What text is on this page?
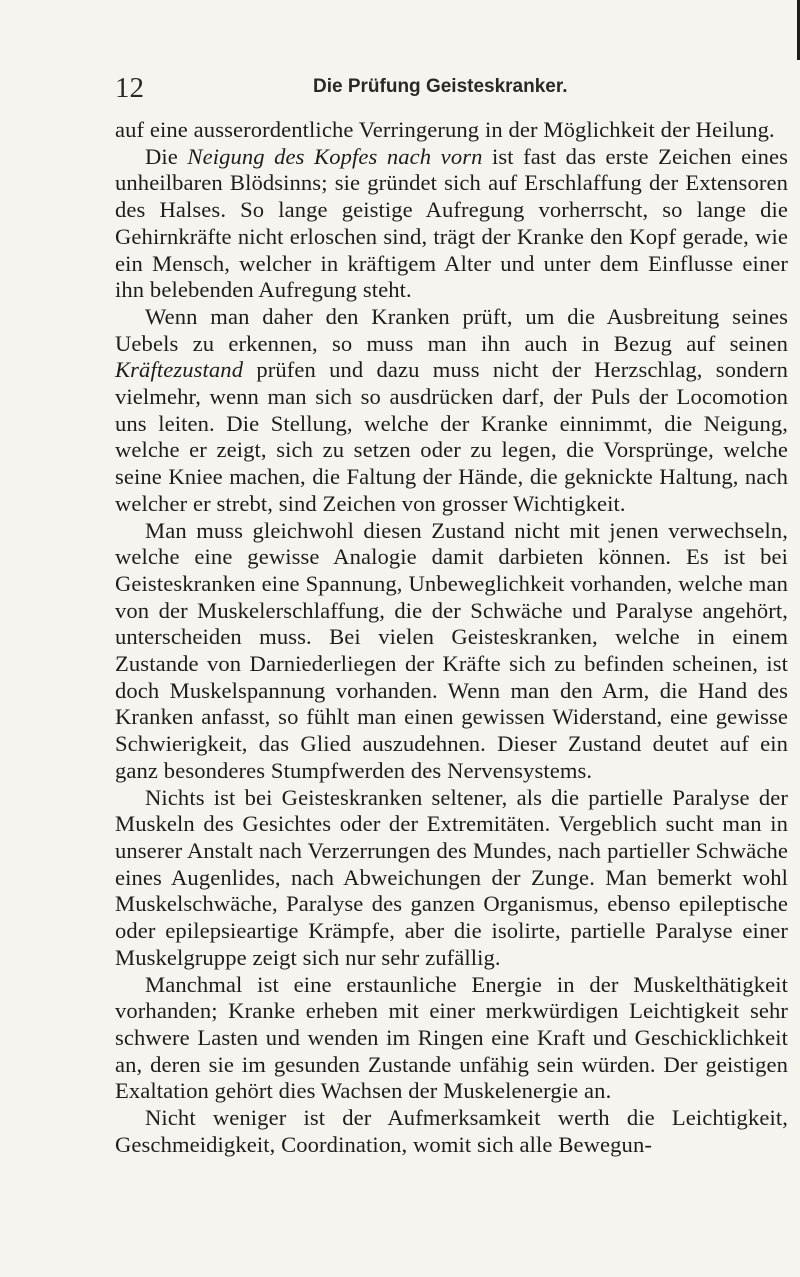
12	Die Prüfung Geisteskranker.

auf eine ausserordentliche Verringerung in der Möglichkeit der Heilung.

Die Neigung des Kopfes nach vorn ist fast das erste Zeichen eines unheilbaren Blödsinns; sie gründet sich auf Erschlaffung der Extensoren des Halses. So lange geistige Aufregung vorherrscht, so lange die Gehirnkräfte nicht erloschen sind, trägt der Kranke den Kopf gerade, wie ein Mensch, welcher in kräftigem Alter und unter dem Einflusse einer ihn belebenden Aufregung steht.

Wenn man daher den Kranken prüft, um die Ausbreitung seines Uebels zu erkennen, so muss man ihn auch in Bezug auf seinen Kräftezustand prüfen und dazu muss nicht der Herzschlag, sondern vielmehr, wenn man sich so ausdrücken darf, der Puls der Locomotion uns leiten. Die Stellung, welche der Kranke einnimmt, die Neigung, welche er zeigt, sich zu setzen oder zu legen, die Vorsprünge, welche seine Kniee machen, die Faltung der Hände, die geknickte Haltung, nach welcher er strebt, sind Zeichen von grosser Wichtigkeit.

Man muss gleichwohl diesen Zustand nicht mit jenen verwechseln, welche eine gewisse Analogie damit darbieten können. Es ist bei Geisteskranken eine Spannung, Unbeweglichkeit vorhanden, welche man von der Muskelerschlaffung, die der Schwäche und Paralyse angehört, unterscheiden muss. Bei vielen Geisteskranken, welche in einem Zustande von Darniederliegen der Kräfte sich zu befinden scheinen, ist doch Muskelspannung vorhanden. Wenn man den Arm, die Hand des Kranken anfasst, so fühlt man einen gewissen Widerstand, eine gewisse Schwierigkeit, das Glied auszudehnen. Dieser Zustand deutet auf ein ganz besonderes Stumpfwerden des Nervensystems.

Nichts ist bei Geisteskranken seltener, als die partielle Paralyse der Muskeln des Gesichtes oder der Extremitäten. Vergeblich sucht man in unserer Anstalt nach Verzerrungen des Mundes, nach partieller Schwäche eines Augenlides, nach Abweichungen der Zunge. Man bemerkt wohl Muskelschwäche, Paralyse des ganzen Organismus, ebenso epileptische oder epilepsieartige Krämpfe, aber die isolirte, partielle Paralyse einer Muskelgruppe zeigt sich nur sehr zufällig.

Manchmal ist eine erstaunliche Energie in der Muskelthätigkeit vorhanden; Kranke erheben mit einer merkwürdigen Leichtigkeit sehr schwere Lasten und wenden im Ringen eine Kraft und Geschicklichkeit an, deren sie im gesunden Zustande unfähig sein würden. Der geistigen Exaltation gehört dies Wachsen der Muskelenergie an.

Nicht weniger ist der Aufmerksamkeit werth die Leichtigkeit, Geschmeidigkeit, Coordination, womit sich alle Bewegun-
